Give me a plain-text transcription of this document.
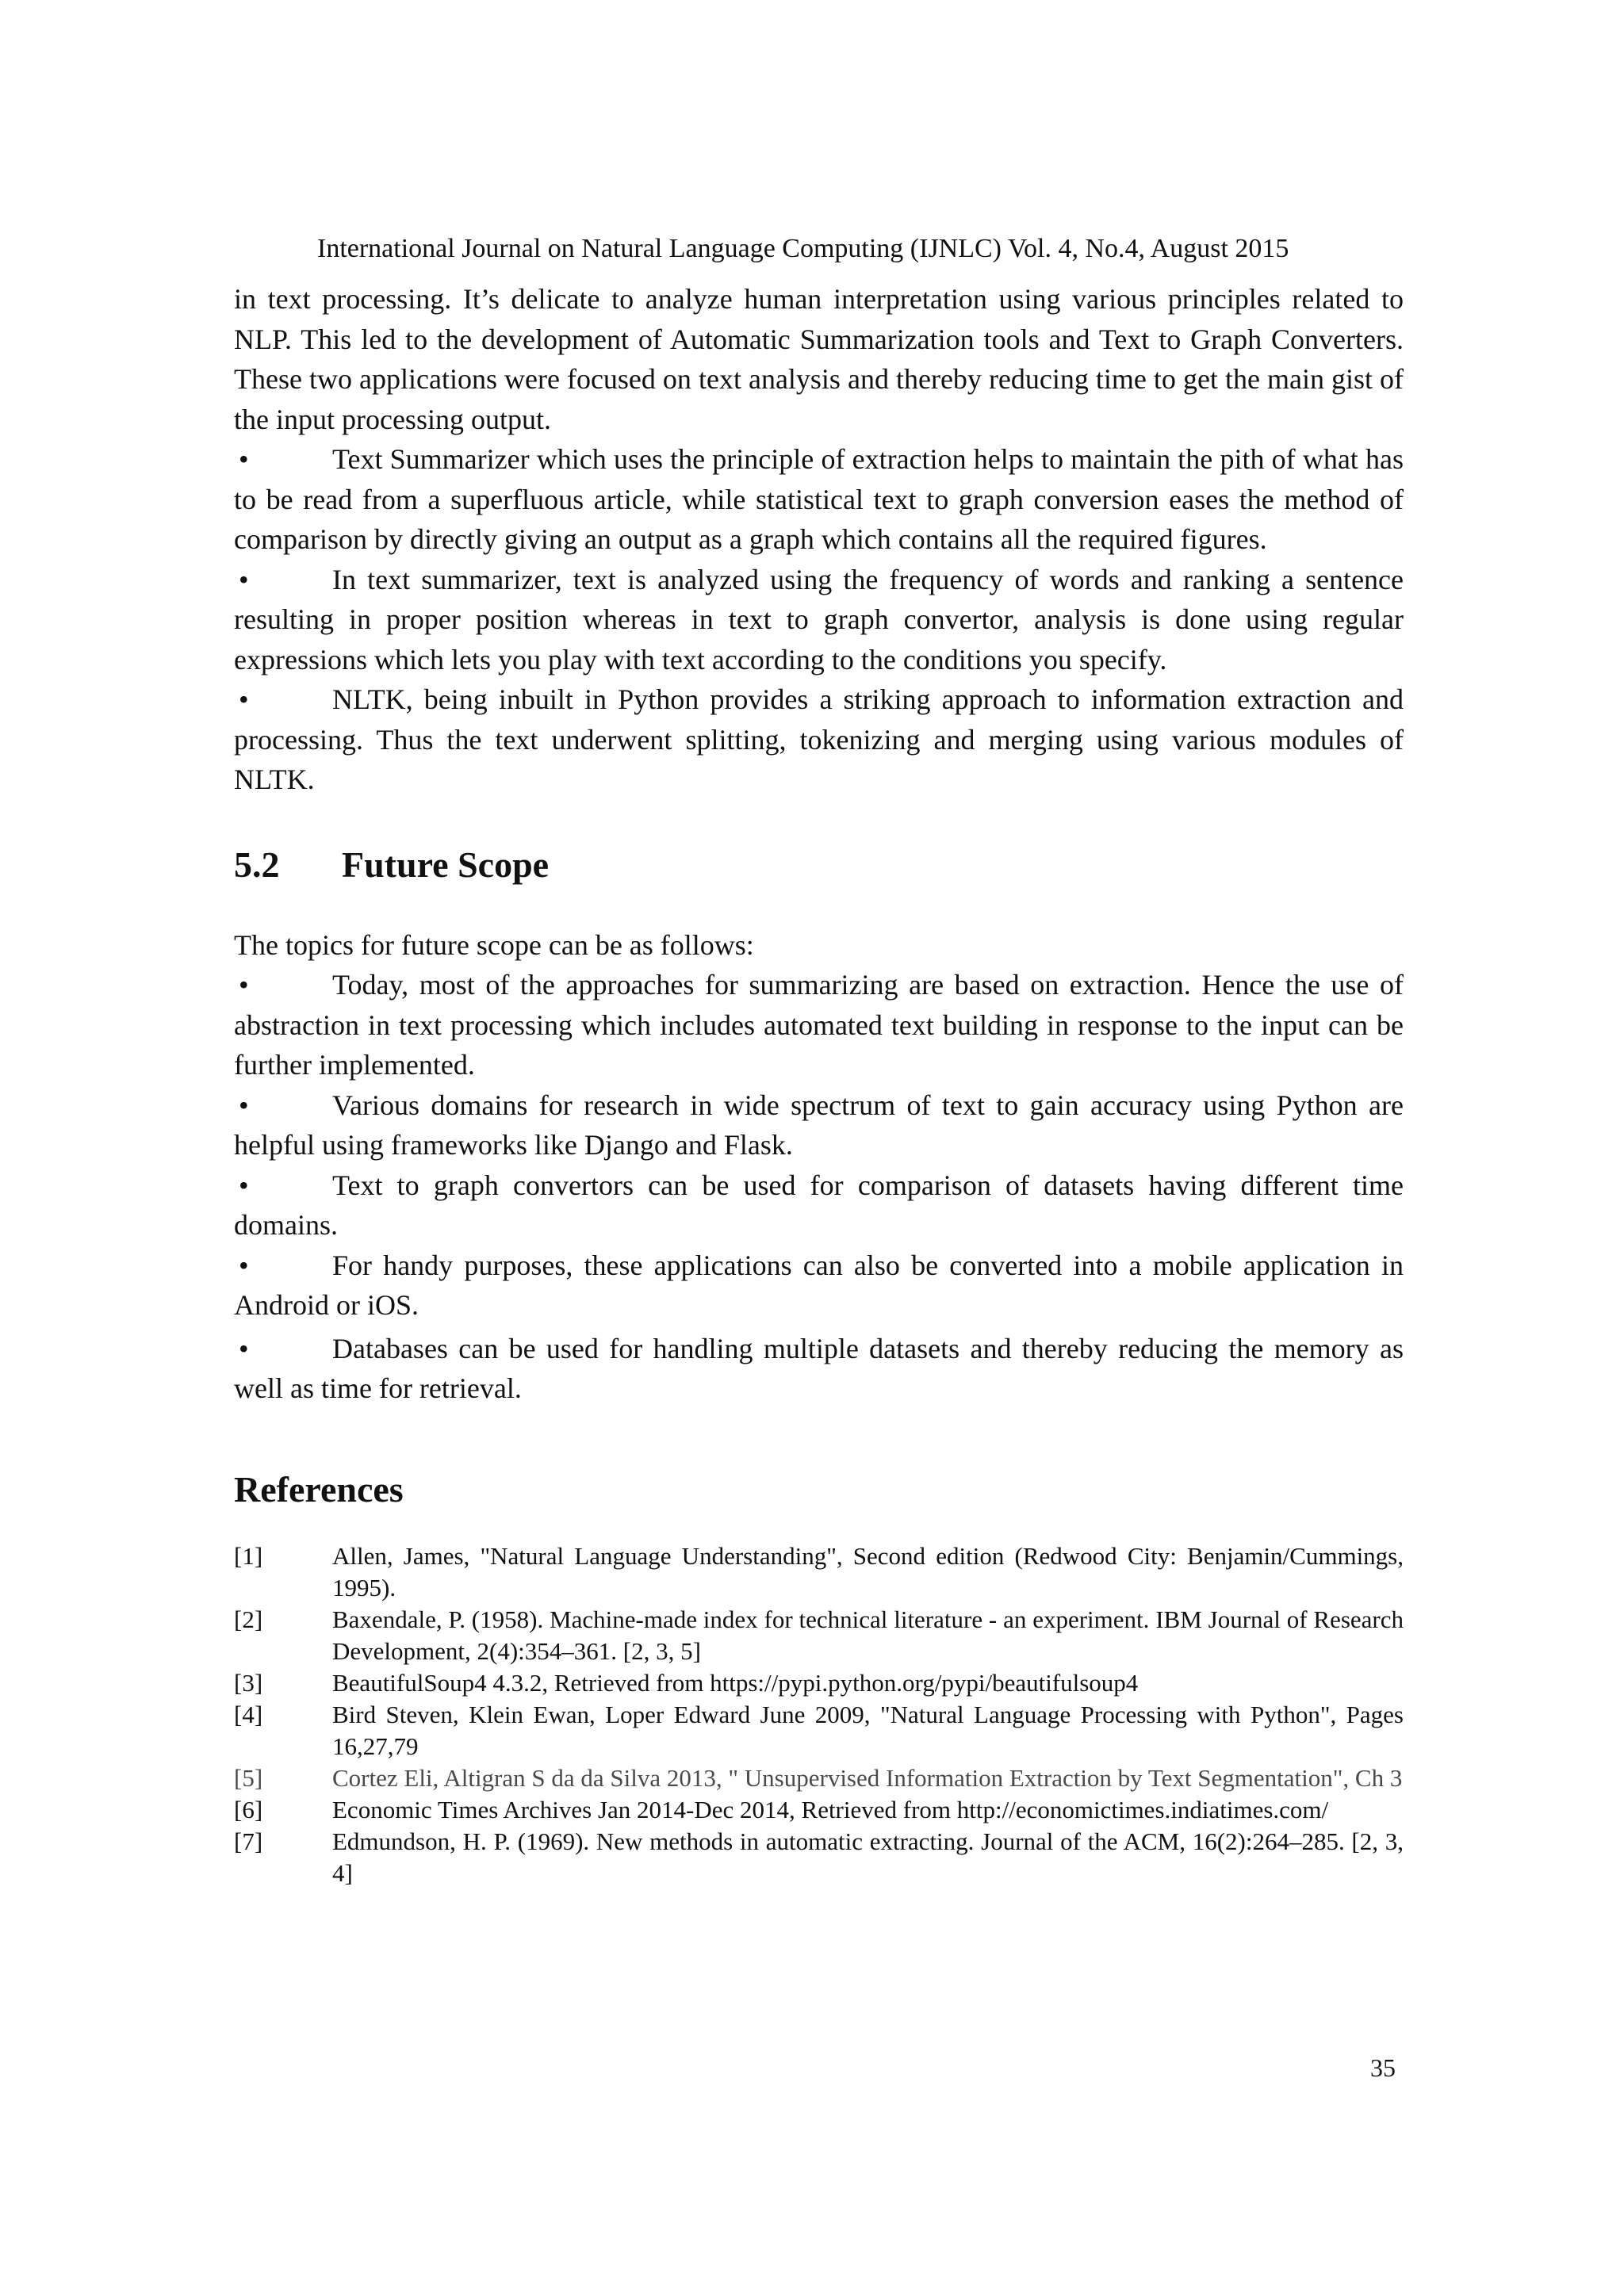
International Journal on Natural Language Computing (IJNLC) Vol. 4, No.4, August 2015

in text processing. It’s delicate to analyze human interpretation using various principles related to NLP. This led to the development of Automatic Summarization tools and Text to Graph Converters. These two applications were focused on text analysis and thereby reducing time to get the main gist of the input processing output.

•	Text Summarizer which uses the principle of extraction helps to maintain the pith of what has to be read from a superfluous article, while statistical text to graph conversion eases the method of comparison by directly giving an output as a graph which contains all the required figures.
•	In text summarizer, text is analyzed using the frequency of words and ranking a sentence resulting in proper position whereas in text to graph convertor, analysis is done using regular expressions which lets you play with text according to the conditions you specify.
•	NLTK, being inbuilt in Python provides a striking approach to information extraction and processing. Thus the text underwent splitting, tokenizing and merging using various modules of NLTK.
5.2 Future Scope

The topics for future scope can be as follows:

•	Today, most of the approaches for summarizing are based on extraction. Hence the use of abstraction in text processing which includes automated text building in response to the input can be further implemented.
•	Various domains for research in wide spectrum of text to gain accuracy using Python are helpful using frameworks like Django and Flask.
•	Text to graph convertors can be used for comparison of datasets having different time domains.
•	For handy purposes, these applications can also be converted into a mobile application in Android or iOS.
•	Databases can be used for handling multiple datasets and thereby reducing the memory as well as time for retrieval.
References
[1]	Allen, James, "Natural Language Understanding", Second edition (Redwood City: Benjamin/Cummings, 1995).
[2]	Baxendale, P. (1958). Machine-made index for technical literature - an experiment. IBM Journal of Research Development, 2(4):354–361. [2, 3, 5]
[3]	BeautifulSoup4 4.3.2, Retrieved from https://pypi.python.org/pypi/beautifulsoup4
[4]	Bird Steven, Klein Ewan, Loper Edward June 2009, "Natural Language Processing with Python", Pages 16,27,79
[5]	Cortez Eli, Altigran S da da Silva 2013, " Unsupervised Information Extraction by Text Segmentation", Ch 3
[6]	Economic Times Archives Jan 2014-Dec 2014, Retrieved from http://economictimes.indiatimes.com/
[7]	Edmundson, H. P. (1969). New methods in automatic extracting. Journal of the ACM, 16(2):264–285. [2, 3, 4]
35
